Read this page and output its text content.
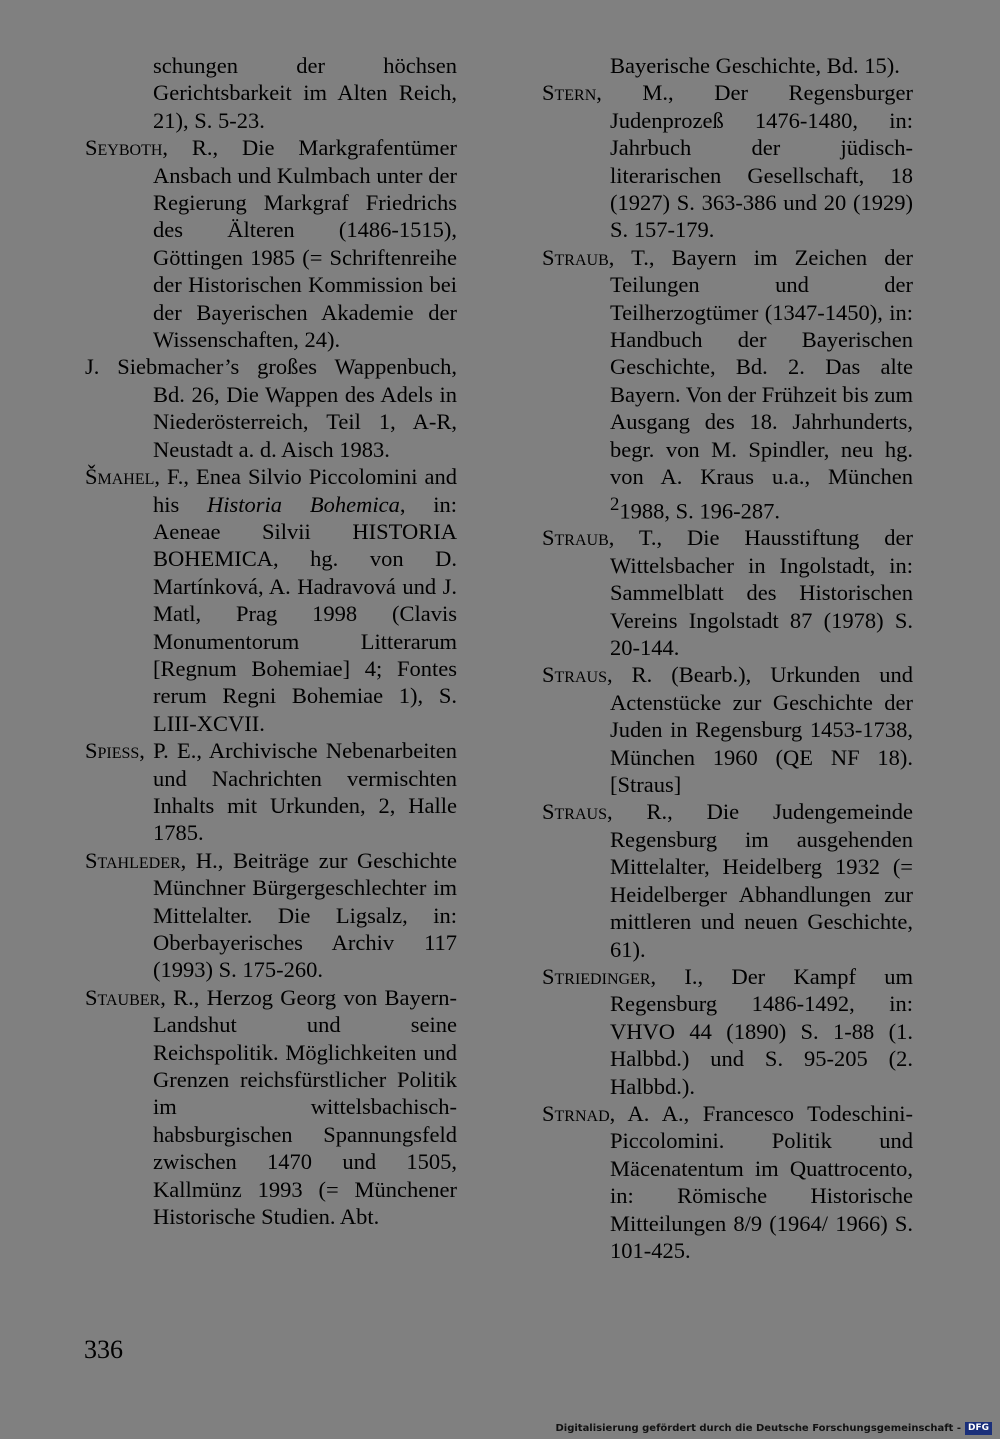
schungen der höchsen Gerichtsbarkeit im Alten Reich, 21), S. 5-23.

Seyboth, R., Die Markgrafentümer Ansbach und Kulmbach unter der Regierung Markgraf Friedrichs des Älteren (1486-1515), Göttingen 1985 (= Schriftenreihe der Historischen Kommission bei der Bayerischen Akademie der Wissenschaften, 24).

J. Siebmacher’s großes Wappenbuch, Bd. 26, Die Wappen des Adels in Niederösterreich, Teil 1, A-R, Neustadt a. d. Aisch 1983.

Šmahel, F., Enea Silvio Piccolomini and his Historia Bohemica, in: Aeneae Silvii HISTORIA BOHEMICA, hg. von D. Martínková, A. Hadravová und J. Matl, Prag 1998 (Clavis Monumentorum Litterarum [Regnum Bohemiae] 4; Fontes rerum Regni Bohemiae 1), S. LIII-XCVII.

Spiess, P. E., Archivische Nebenarbeiten und Nachrichten vermischten Inhalts mit Urkunden, 2, Halle 1785.

Stahleder, H., Beiträge zur Geschichte Münchner Bürgergeschlechter im Mittelalter. Die Ligsalz, in: Oberbayerisches Archiv 117 (1993) S. 175-260.

Stauber, R., Herzog Georg von Bayern-Landshut und seine Reichspolitik. Möglichkeiten und Grenzen reichsfürstlicher Politik im wittelsbachisch-habsburgischen Spannungsfeld zwischen 1470 und 1505, Kallmünz 1993 (= Münchener Historische Studien. Abt.

Bayerische Geschichte, Bd. 15).

Stern, M., Der Regensburger Judenprozeß 1476-1480, in: Jahrbuch der jüdisch-literarischen Gesellschaft, 18 (1927) S. 363-386 und 20 (1929) S. 157-179.

Straub, T., Bayern im Zeichen der Teilungen und der Teilherzogtümer (1347-1450), in: Handbuch der Bayerischen Geschichte, Bd. 2. Das alte Bayern. Von der Frühzeit bis zum Ausgang des 18. Jahrhunderts, begr. von M. Spindler, neu hg. von A. Kraus u.a., München $^2$1988, S. 196-287.

Straub, T., Die Hausstiftung der Wittelsbacher in Ingolstadt, in: Sammelblatt des Historischen Vereins Ingolstadt 87 (1978) S. 20-144.

Straus, R. (Bearb.), Urkunden und Actenstücke zur Geschichte der Juden in Regensburg 1453-1738, München 1960 (QE NF 18). [Straus]

Straus, R., Die Judengemeinde Regensburg im ausgehenden Mittelalter, Heidelberg 1932 (= Heidelberger Abhandlungen zur mittleren und neuen Geschichte, 61).

Striedinger, I., Der Kampf um Regensburg 1486-1492, in: VHVO 44 (1890) S. 1-88 (1. Halbbd.) und S. 95-205 (2. Halbbd.).

Strnad, A. A., Francesco Todeschini-Piccolomini. Politik und Mäcenatentum im Quattrocento, in: Römische Historische Mitteilungen 8/9 (1964/ 1966) S. 101-425.

336
Digitalisierung gefördert durch die Deutsche Forschungsgemeinschaft - DFG
